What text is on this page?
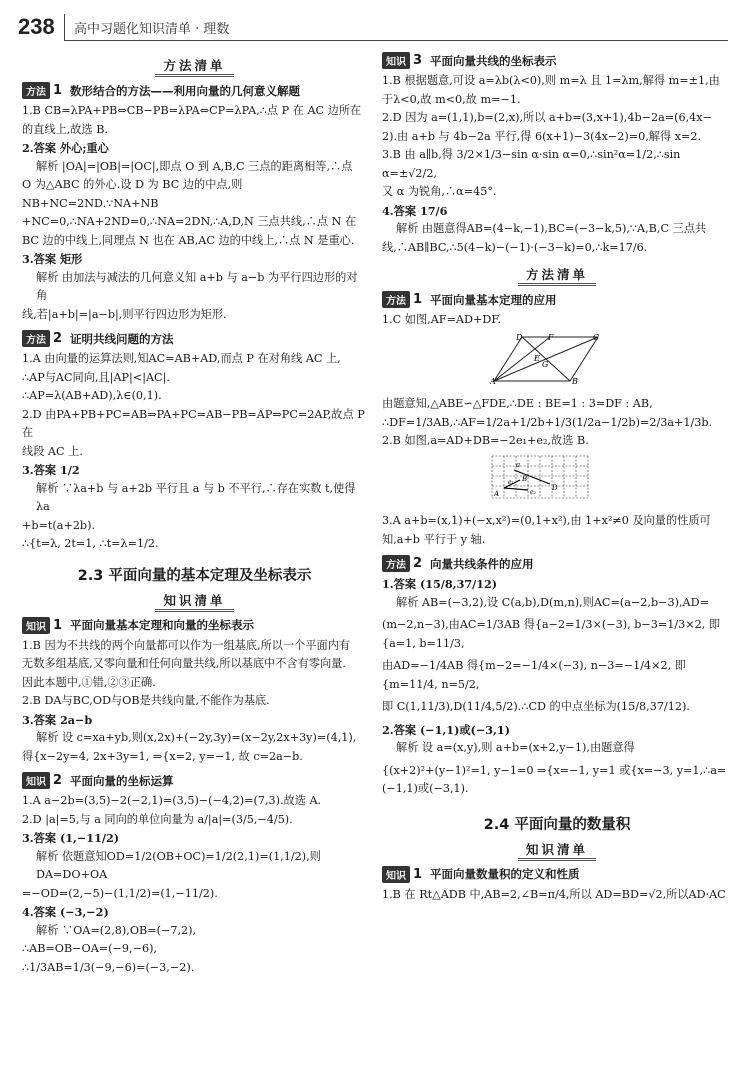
238 高中习题化知识清单 · 理数
方法清单
方法 1 数形结合的方法——利用向量的几何意义解题

1.B CB=λPA+PB⇔CB−PB=λPA⇔CP=λPA,∴点 P 在 AC 边所在

的直线上,故选 B.

2.答案 外心;重心

解析 |OA|=|OB|=|OC|,即点 O 到 A,B,C 三点的距离相等,∴点

O 为△ABC 的外心.设 D 为 BC 边的中点,则NB+NC=2ND.∵NA+NB

+NC=0,∴NA+2ND=0,∴NA=2DN,∴A,D,N 三点共线,∴点 N 在

BC 边的中线上,同理点 N 也在 AB,AC 边的中线上,∴点 N 是重心.

3.答案 矩形

解析 由加法与减法的几何意义知 a+b 与 a−b 为平行四边形的对角

线,若|a+b|=|a−b|,则平行四边形为矩形.

方法 2 证明共线问题的方法

1.A 由向量的运算法则,知AC=AB+AD,而点 P 在对角线 AC 上,

∴AP与AC同向,且|AP|<|AC|.

∴AP=λ(AB+AD),λ∈(0,1).

2.D 由PA+PB+PC=AB⇒PA+PC=AB−PB=AP⇒PC=2AP,故点 P 在

线段 AC 上.

3.答案 1/2

解析 ∵λa+b 与 a+2b 平行且 a 与 b 不平行,∴存在实数 t,使得 λa

+b=t(a+2b).

∴{t=λ, 2t=1, ∴t=λ=1/2.

2.3 平面向量的基本定理及坐标表示
知识清单
知识 1 平面向量基本定理和向量的坐标表示

1.B 因为不共线的两个向量都可以作为一组基底,所以一个平面内有

无数多组基底,又零向量和任何向量共线,所以基底中不含有零向量.

因此本题中,①错,②③正确.

2.B DA与BC,OD与OB是共线向量,不能作为基底.

3.答案 2a−b

解析 设 c=xa+yb,则(x,2x)+(−2y,3y)=(x−2y,2x+3y)=(4,1),

得{x−2y=4, 2x+3y=1, ⇒{x=2, y=−1, 故 c=2a−b.

知识 2 平面向量的坐标运算

1.A a−2b=(3,5)−2(−2,1)=(3,5)−(−4,2)=(7,3).故选 A.

2.D |a|=5,与 a 同向的单位向量为 a/|a|=(3/5,−4/5).

3.答案 (1,−11/2)

解析 依题意知OD=1/2(OB+OC)=1/2(2,1)=(1,1/2),则DA=DO+OA

=−OD=(2,−5)−(1,1/2)=(1,−11/2).

4.答案 (−3,−2)

解析 ∵OA=(2,8),OB=(−7,2),

∴AB=OB−OA=(−9,−6),

∴1/3AB=1/3(−9,−6)=(−3,−2).

知识 3 平面向量共线的坐标表示

1.B 根据题意,可设 a=λb(λ<0),则 m=λ 且 1=λm,解得 m=±1,由

于λ<0,故 m<0,故 m=−1.

2.D 因为 a=(1,1),b=(2,x),所以 a+b=(3,x+1),4b−2a=(6,4x−

2).由 a+b 与 4b−2a 平行,得 6(x+1)−3(4x−2)=0,解得 x=2.

3.B 由 a∥b,得 3/2×1/3−sin α·sin α=0,∴sin²α=1/2,∴sin α=±√2/2,

又 α 为锐角,∴α=45°.

4.答案 17/6

解析 由题意得AB=(4−k,−1),BC=(−3−k,5),∵A,B,C 三点共

线,∴AB∥BC,∴5(4−k)−(−1)·(−3−k)=0,∴k=17/6.

方法清单
方法 1 平面向量基本定理的应用

1.C 如图,AF=AD+DF.

A	B
C
D
E
F
G

由题意知,△ABE∽△FDE,∴DE : BE=1 : 3=DF : AB,

∴DF=1/3AB,∴AF=1/2a+1/2b+1/3(1/2a−1/2b)=2/3a+1/3b.

2.B 如图,a=AD+DB=−2e₁+e₂,故选 B.

a
B
A
e₁
e₂
D

3.A a+b=(x,1)+(−x,x²)=(0,1+x²),由 1+x²≠0 及向量的性质可

知,a+b 平行于 y 轴.

方法 2 向量共线条件的应用

1.答案 (15/8,37/12)

解析 AB=(−3,2),设 C(a,b),D(m,n),则AC=(a−2,b−3),AD=

(m−2,n−3),由AC=1/3AB 得{a−2=1/3×(−3), b−3=1/3×2, 即{a=1, b=11/3,

由AD=−1/4AB 得{m−2=−1/4×(−3), n−3=−1/4×2, 即{m=11/4, n=5/2,

即 C(1,11/3),D(11/4,5/2).∴CD 的中点坐标为(15/8,37/12).

2.答案 (−1,1)或(−3,1)

解析 设 a=(x,y),则 a+b=(x+2,y−1),由题意得

{(x+2)²+(y−1)²=1, y−1=0 ⇒{x=−1, y=1 或{x=−3, y=1,∴a=(−1,1)或(−3,1).

2.4 平面向量的数量积
知识清单
知识 1 平面向量数量积的定义和性质

1.B 在 Rt△ADB 中,AB=2,∠B=π/4,所以 AD=BD=√2,所以AD·AC
